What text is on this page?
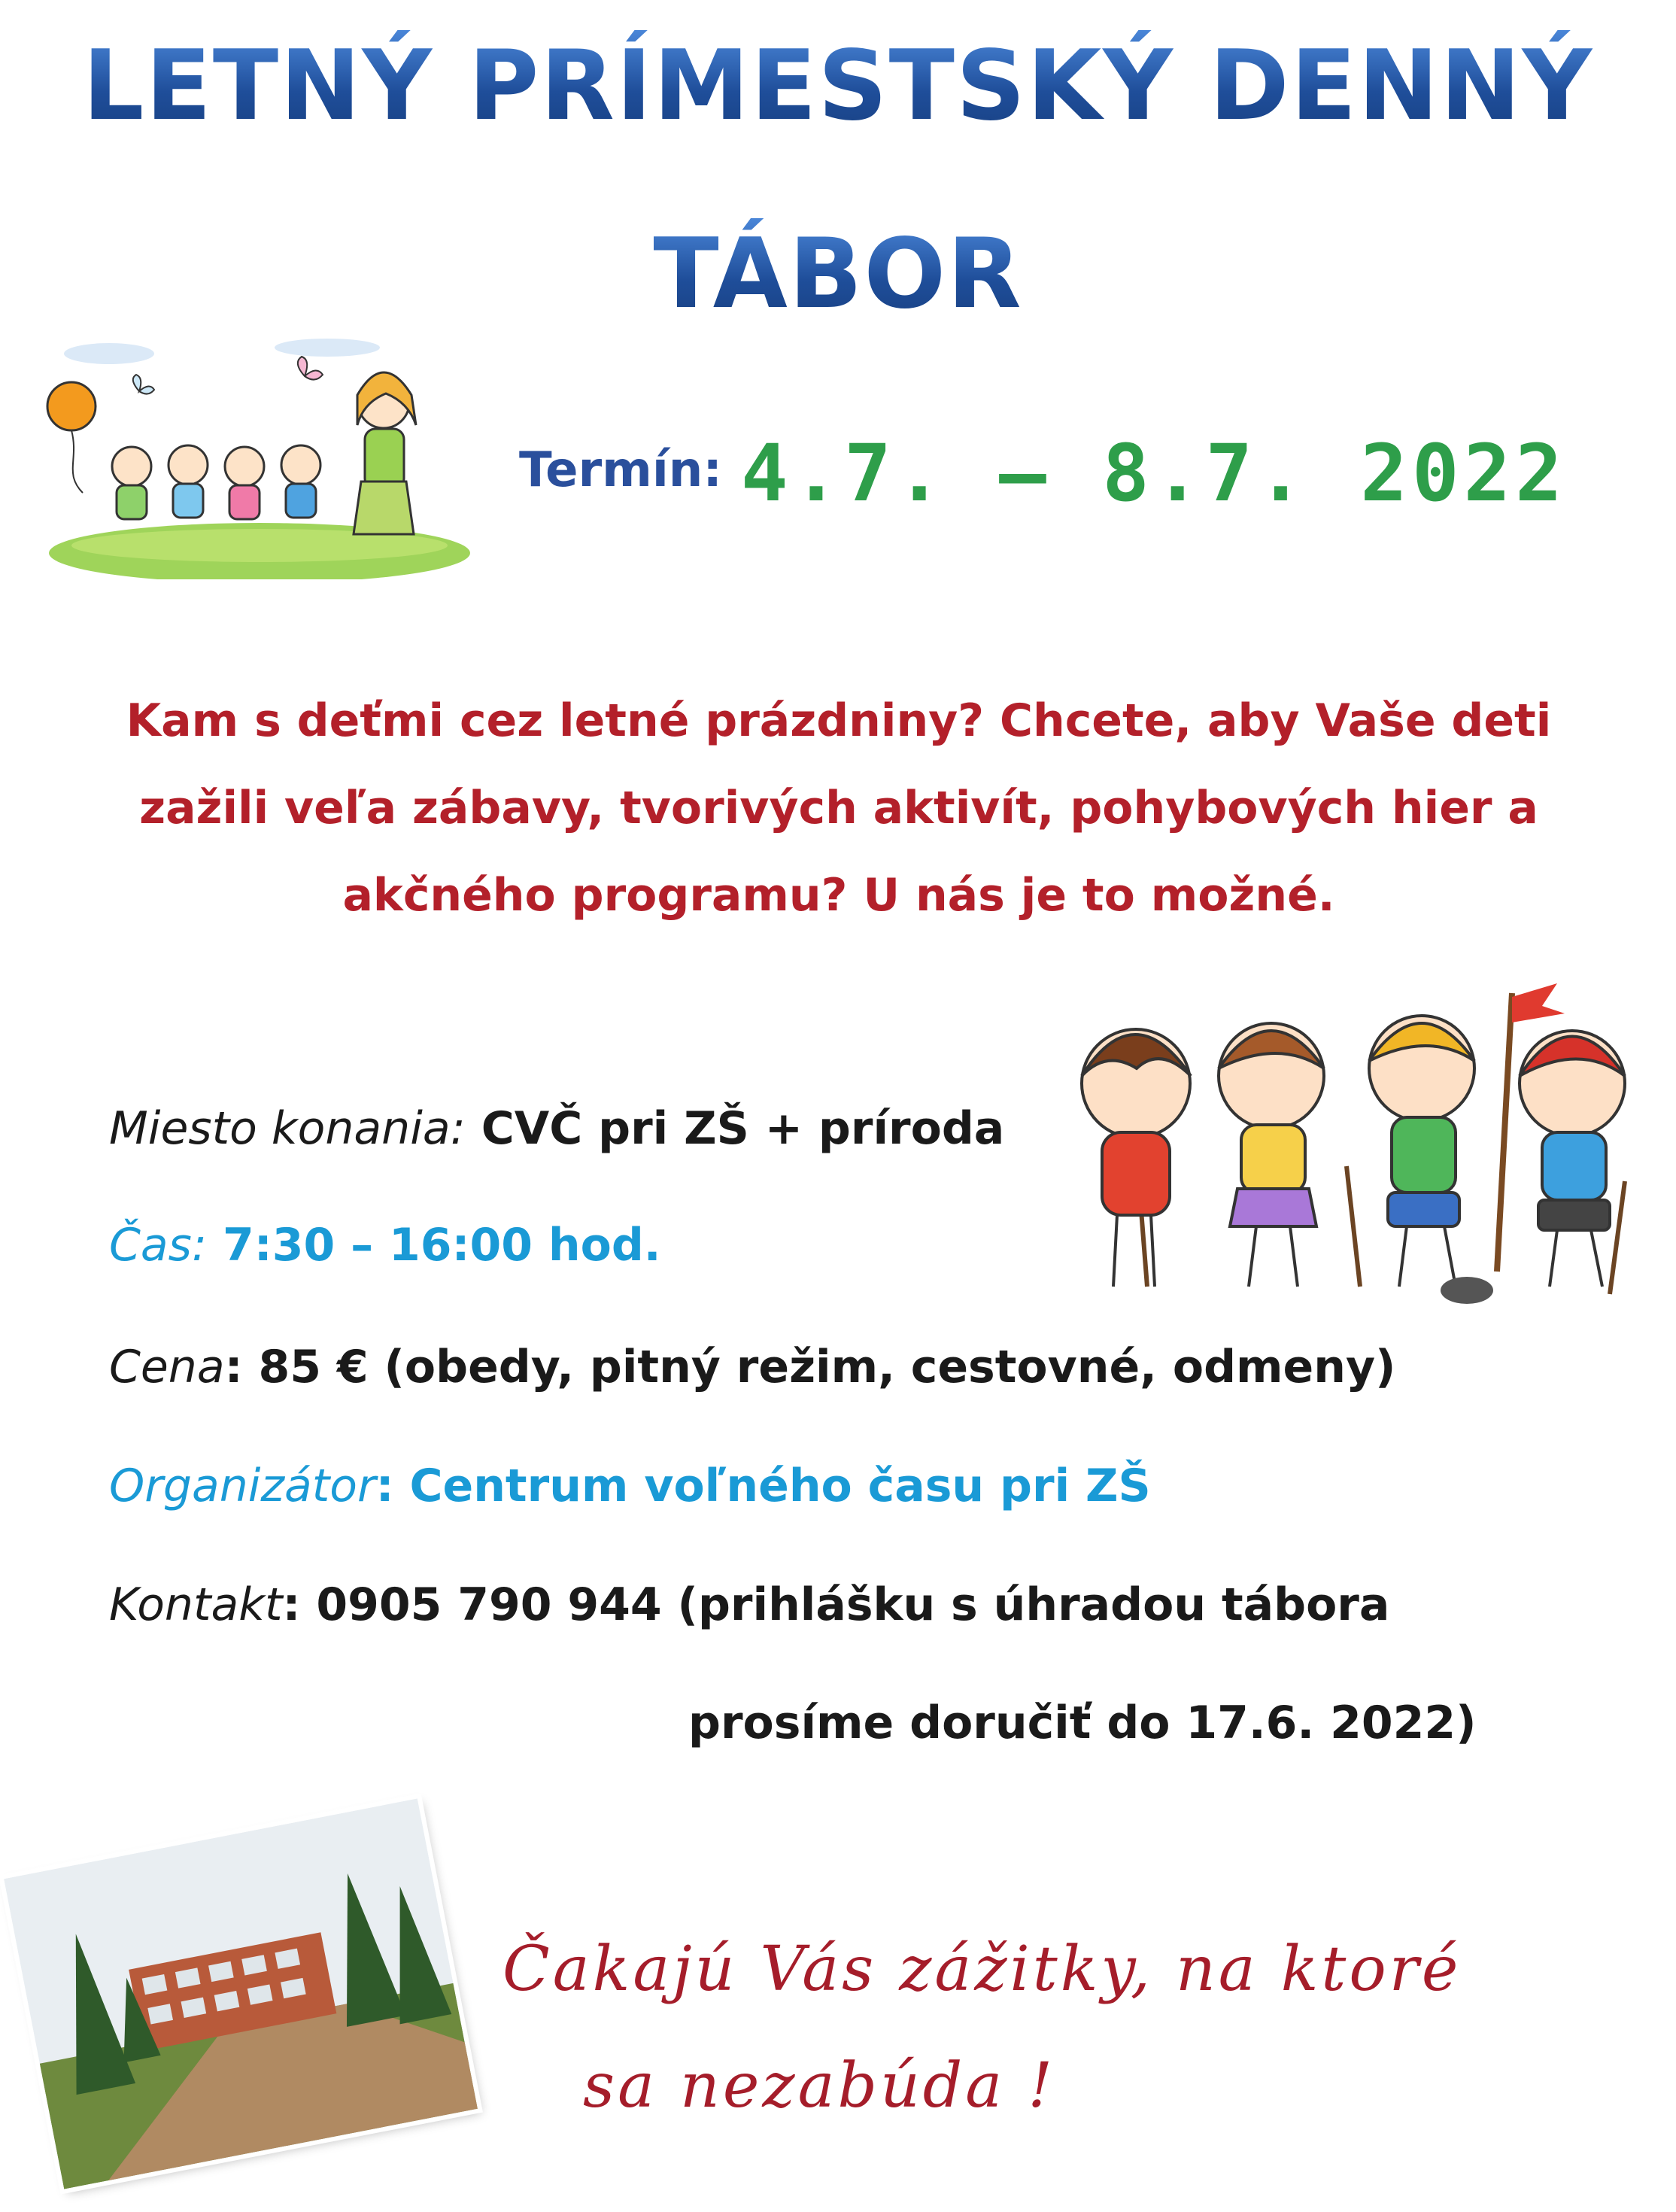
LETNÝ PRÍMESTSKÝ DENNÝ
TÁBOR
Termín: 4.7. – 8.7. 2022
Kam s deťmi cez letné prázdniny? Chcete, aby Vaše deti zažili veľa zábavy, tvorivých aktivít, pohybových hier a akčného programu? U nás je to možné.
Miesto konania: CVČ pri ZŠ + príroda
Čas: 7:30 – 16:00 hod.
Cena: 85 € (obedy, pitný režim, cestovné, odmeny)
Organizátor: Centrum voľného času pri ZŠ
Kontakt: 0905 790 944 (prihlášku s úhradou tábora
prosíme doručiť do 17.6. 2022)
Čakajú Vás zážitky, na ktoré
sa nezabúda !
